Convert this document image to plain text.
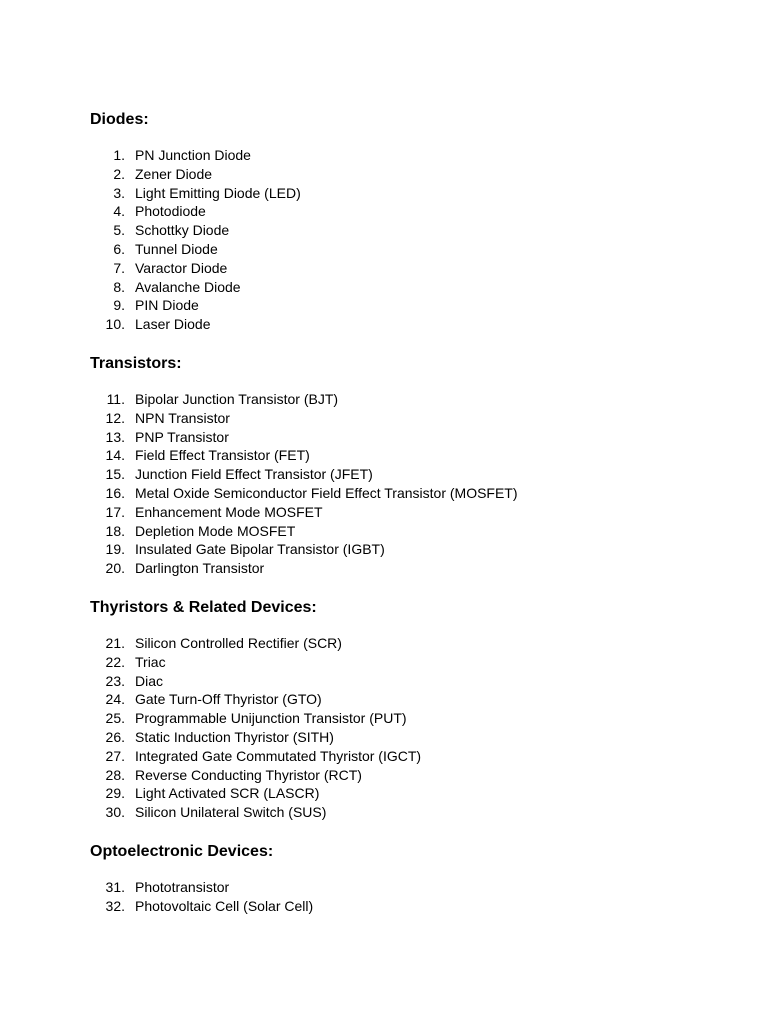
Diodes:
1. PN Junction Diode
2. Zener Diode
3. Light Emitting Diode (LED)
4. Photodiode
5. Schottky Diode
6. Tunnel Diode
7. Varactor Diode
8. Avalanche Diode
9. PIN Diode
10. Laser Diode
Transistors:
11. Bipolar Junction Transistor (BJT)
12. NPN Transistor
13. PNP Transistor
14. Field Effect Transistor (FET)
15. Junction Field Effect Transistor (JFET)
16. Metal Oxide Semiconductor Field Effect Transistor (MOSFET)
17. Enhancement Mode MOSFET
18. Depletion Mode MOSFET
19. Insulated Gate Bipolar Transistor (IGBT)
20. Darlington Transistor
Thyristors & Related Devices:
21. Silicon Controlled Rectifier (SCR)
22. Triac
23. Diac
24. Gate Turn-Off Thyristor (GTO)
25. Programmable Unijunction Transistor (PUT)
26. Static Induction Thyristor (SITH)
27. Integrated Gate Commutated Thyristor (IGCT)
28. Reverse Conducting Thyristor (RCT)
29. Light Activated SCR (LASCR)
30. Silicon Unilateral Switch (SUS)
Optoelectronic Devices:
31. Phototransistor
32. Photovoltaic Cell (Solar Cell)
